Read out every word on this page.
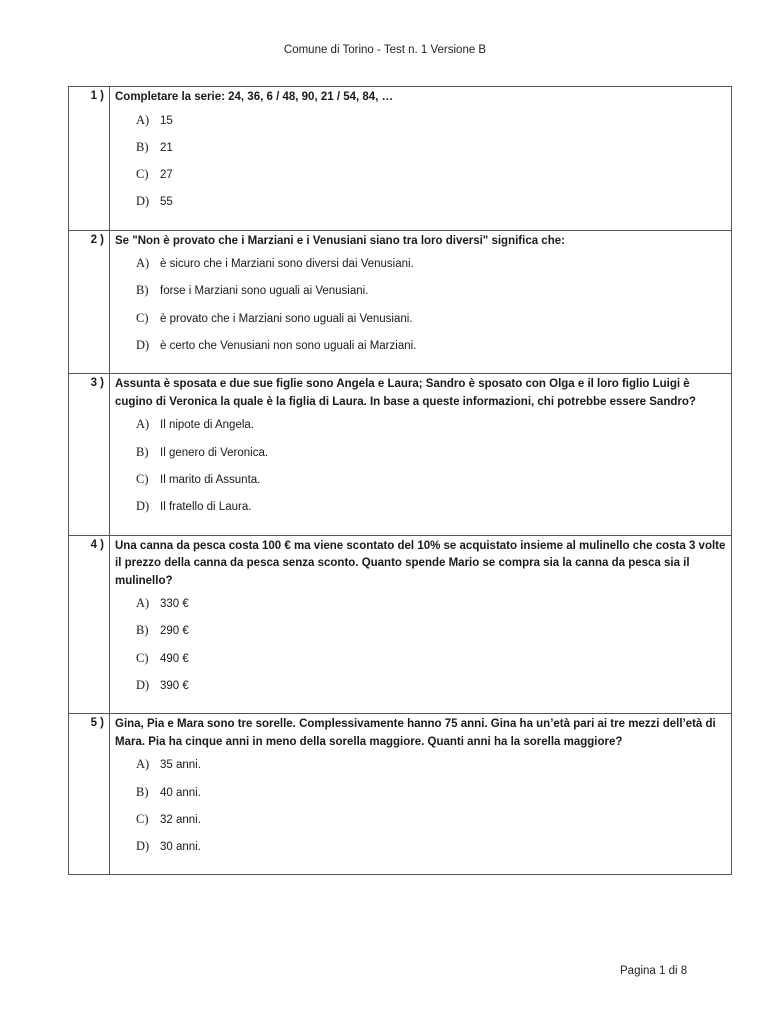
Comune di Torino - Test n. 1 Versione B
1 )	Completare la serie: 24, 36, 6 / 48, 90, 21 / 54, 84, …
A) 15
B) 21
C) 27
D) 55

2 )	Se "Non è provato che i Marziani e i Venusiani siano tra loro diversi" significa che:
A) è sicuro che i Marziani sono diversi dai Venusiani.
B) forse i Marziani sono uguali ai Venusiani.
C) è provato che i Marziani sono uguali ai Venusiani.
D) è certo che Venusiani non sono uguali ai Marziani.

3 )	Assunta è sposata e due sue figlie sono Angela e Laura; Sandro è sposato con Olga e il loro figlio Luigi è cugino di Veronica la quale è la figlia di Laura. In base a queste informazioni, chi potrebbe essere Sandro?
A) Il nipote di Angela.
B) Il genero di Veronica.
C) Il marito di Assunta.
D) Il fratello di Laura.

4 )	Una canna da pesca costa 100 € ma viene scontato del 10% se acquistato insieme al mulinello che costa 3 volte il prezzo della canna da pesca senza sconto. Quanto spende Mario se compra sia la canna da pesca sia il mulinello?
A) 330 €
B) 290 €
C) 490 €
D) 390 €

5 )	Gina, Pia e Mara sono tre sorelle. Complessivamente hanno 75 anni. Gina ha un’età pari ai tre mezzi dell’età di Mara. Pia ha cinque anni in meno della sorella maggiore. Quanti anni ha la sorella maggiore?
A) 35 anni.
B) 40 anni.
C) 32 anni.
D) 30 anni.
Pagina 1 di 8
